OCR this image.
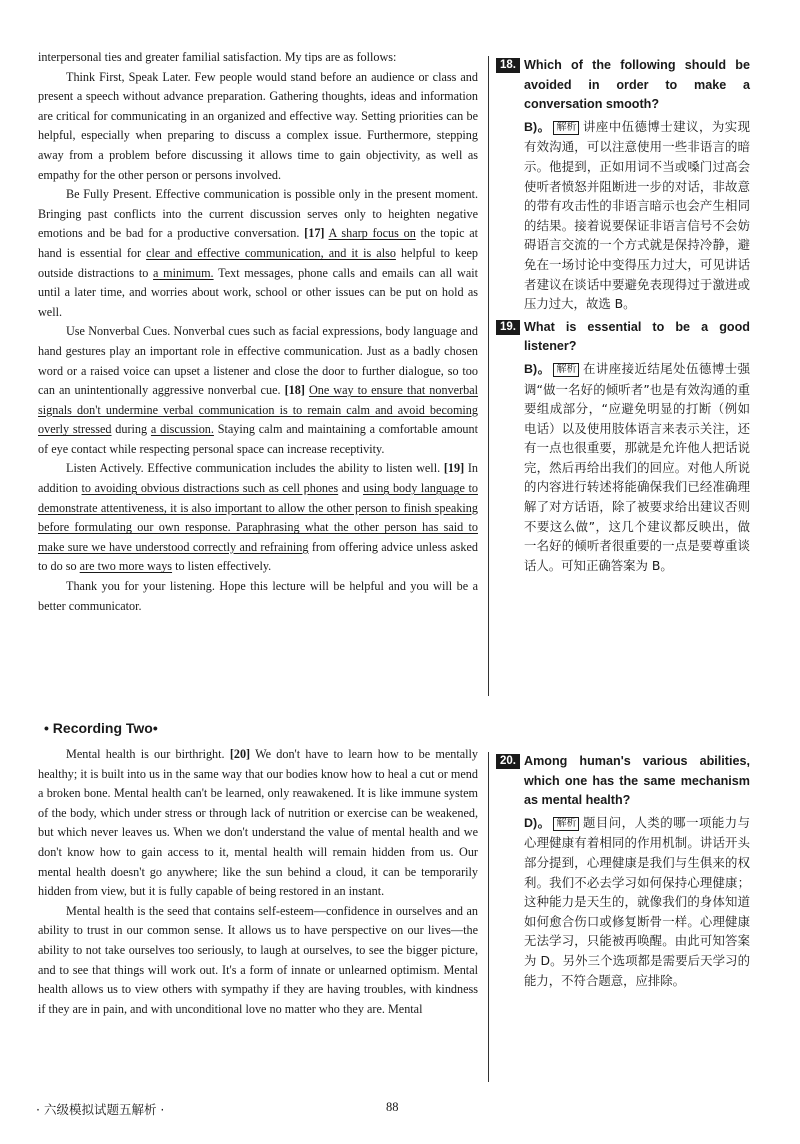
interpersonal ties and greater familial satisfaction. My tips are as follows:

Think First, Speak Later. Few people would stand before an audience or class and present a speech without advance preparation. Gathering thoughts, ideas and information are critical for communicating in an organized and effective way. Setting priorities can be helpful, especially when preparing to discuss a complex issue. Furthermore, stepping away from a problem before discussing it allows time to gain objectivity, as well as empathy for the other person or persons involved.

Be Fully Present. Effective communication is possible only in the present moment. Bringing past conflicts into the current discussion serves only to heighten negative emotions and be bad for a productive conversation. [17] A sharp focus on the topic at hand is essential for clear and effective communication, and it is also helpful to keep outside distractions to a minimum. Text messages, phone calls and emails can all wait until a later time, and worries about work, school or other issues can be put on hold as well.

Use Nonverbal Cues. Nonverbal cues such as facial expressions, body language and hand gestures play an important role in effective communication. Just as a badly chosen word or a raised voice can upset a listener and close the door to further dialogue, so too can an unintentionally aggressive nonverbal cue. [18] One way to ensure that nonverbal signals don't undermine verbal communication is to remain calm and avoid becoming overly stressed during a discussion. Staying calm and maintaining a comfortable amount of eye contact while respecting personal space can increase receptivity.

Listen Actively. Effective communication includes the ability to listen well. [19] In addition to avoiding obvious distractions such as cell phones and using body language to demonstrate attentiveness, it is also important to allow the other person to finish speaking before formulating our own response. Paraphrasing what the other person has said to make sure we have understood correctly and refraining from offering advice unless asked to do so are two more ways to listen effectively.

Thank you for your listening. Hope this lecture will be helpful and you will be a better communicator.

• Recording Two•

Mental health is our birthright. [20] We don't have to learn how to be mentally healthy; it is built into us in the same way that our bodies know how to heal a cut or mend a broken bone. Mental health can't be learned, only reawakened. It is like immune system of the body, which under stress or through lack of nutrition or exercise can be weakened, but which never leaves us. When we don't understand the value of mental health and we don't know how to gain access to it, mental health will remain hidden from us. Our mental health doesn't go anywhere; like the sun behind a cloud, it can be temporarily hidden from view, but it is fully capable of being restored in an instant.

Mental health is the seed that contains self-esteem—confidence in ourselves and an ability to trust in our common sense. It allows us to have perspective on our lives—the ability to not take ourselves too seriously, to laugh at ourselves, to see the bigger picture, and to see that things will work out. It's a form of innate or unlearned optimism. Mental health allows us to view others with sympathy if they are having troubles, with kindness if they are in pain, and with unconditional love no matter who they are. Mental

18. Which of the following should be avoided in order to make a conversation smooth?

B)。 解析 讲座中伍德博士建议，为实现有效沟通，可以注意使用一些非语言的暗示。他提到，正如用词不当或嗓门过高会使听者愤怒并阻断进一步的对话，非故意的带有攻击性的非语言暗示也会产生相同的结果。接着说要保证非语言信号不会妨碍语言交流的一个方式就是保持冷静，避免在一场讨论中变得压力过大，可见讲话者建议在谈话中要避免表现得过于激进或压力过大，故选 B。

19. What is essential to be a good listener?

B)。 解析 在讲座接近结尾处伍德博士强调“做一名好的倾听者”也是有效沟通的重要组成部分，“应避免明显的打断（例如电话）以及使用肢体语言来表示关注，还有一点也很重要，那就是允许他人把话说完，然后再给出我们的回应。对他人所说的内容进行转述将能确保我们已经准确理解了对方话语，除了被要求给出建议否则不要这么做”，这几个建议都反映出，做一名好的倾听者很重要的一点是要尊重谈话人。可知正确答案为 B。

20. Among human's various abilities, which one has the same mechanism as mental health?

D)。 解析 题目问，人类的哪一项能力与心理健康有着相同的作用机制。讲话开头部分提到，心理健康是我们与生俱来的权利。我们不必去学习如何保持心理健康；这种能力是天生的，就像我们的身体知道如何愈合伤口或修复断骨一样。心理健康无法学习，只能被再唤醒。由此可知答案为 D。另外三个选项都是需要后天学习的能力，不符合题意，应排除。

· 六级模拟试题五解析 ·	88
